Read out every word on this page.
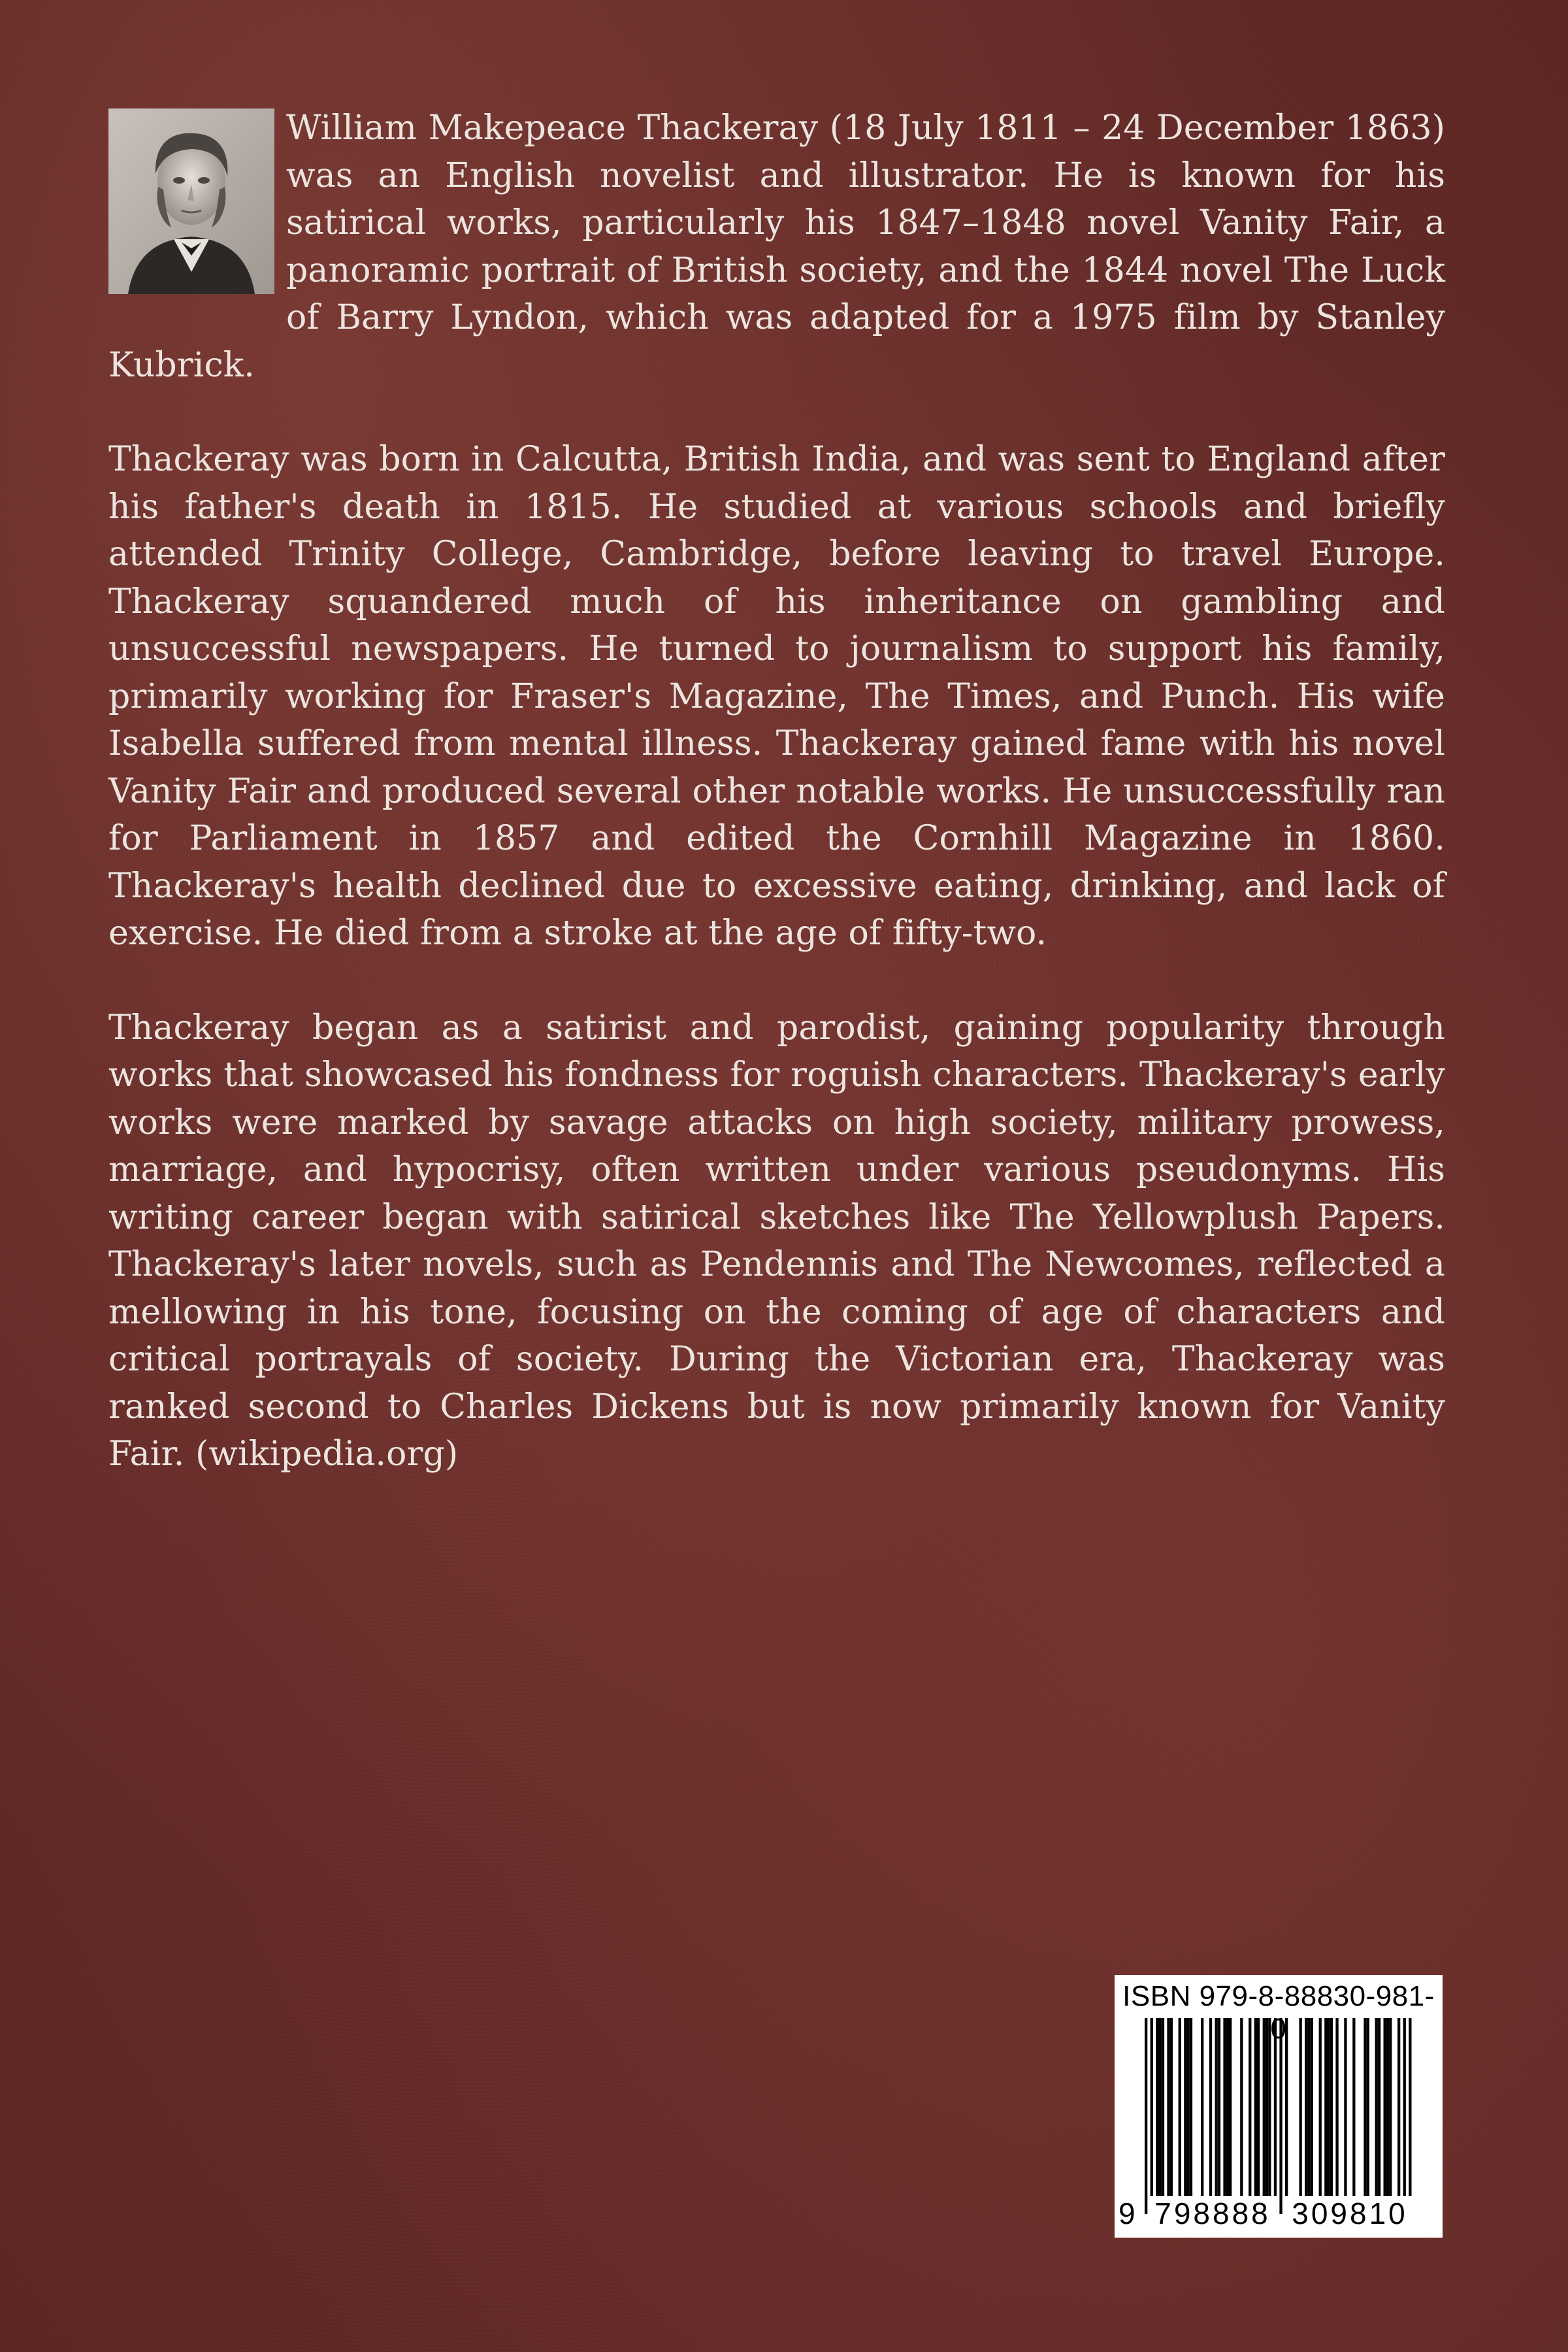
William Makepeace Thackeray (18 July 1811 – 24 December 1863) was an English novelist and illustrator. He is known for his satirical works, particularly his 1847–1848 novel Vanity Fair, a panoramic portrait of British society, and the 1844 novel The Luck of Barry Lyndon, which was adapted for a 1975 film by Stanley Kubrick.

Thackeray was born in Calcutta, British India, and was sent to England after his father's death in 1815. He studied at various schools and briefly attended Trinity College, Cambridge, before leaving to travel Europe. Thackeray squandered much of his inheritance on gambling and unsuccessful newspapers. He turned to journalism to support his family, primarily working for Fraser's Magazine, The Times, and Punch. His wife Isabella suffered from mental illness. Thackeray gained fame with his novel Vanity Fair and produced several other notable works. He unsuccessfully ran for Parliament in 1857 and edited the Cornhill Magazine in 1860. Thackeray's health declined due to excessive eating, drinking, and lack of exercise. He died from a stroke at the age of fifty-two.

Thackeray began as a satirist and parodist, gaining popularity through works that showcased his fondness for roguish characters. Thackeray's early works were marked by savage attacks on high society, military prowess, marriage, and hypocrisy, often written under various pseudonyms. His writing career began with satirical sketches like The Yellowplush Papers. Thackeray's later novels, such as Pendennis and The Newcomes, reflected a mellowing in his tone, focusing on the coming of age of characters and critical portrayals of society. During the Victorian era, Thackeray was ranked second to Charles Dickens but is now primarily known for Vanity Fair. (wikipedia.org)

ISBN 979-8-88830-981-0
9 798888 309810
